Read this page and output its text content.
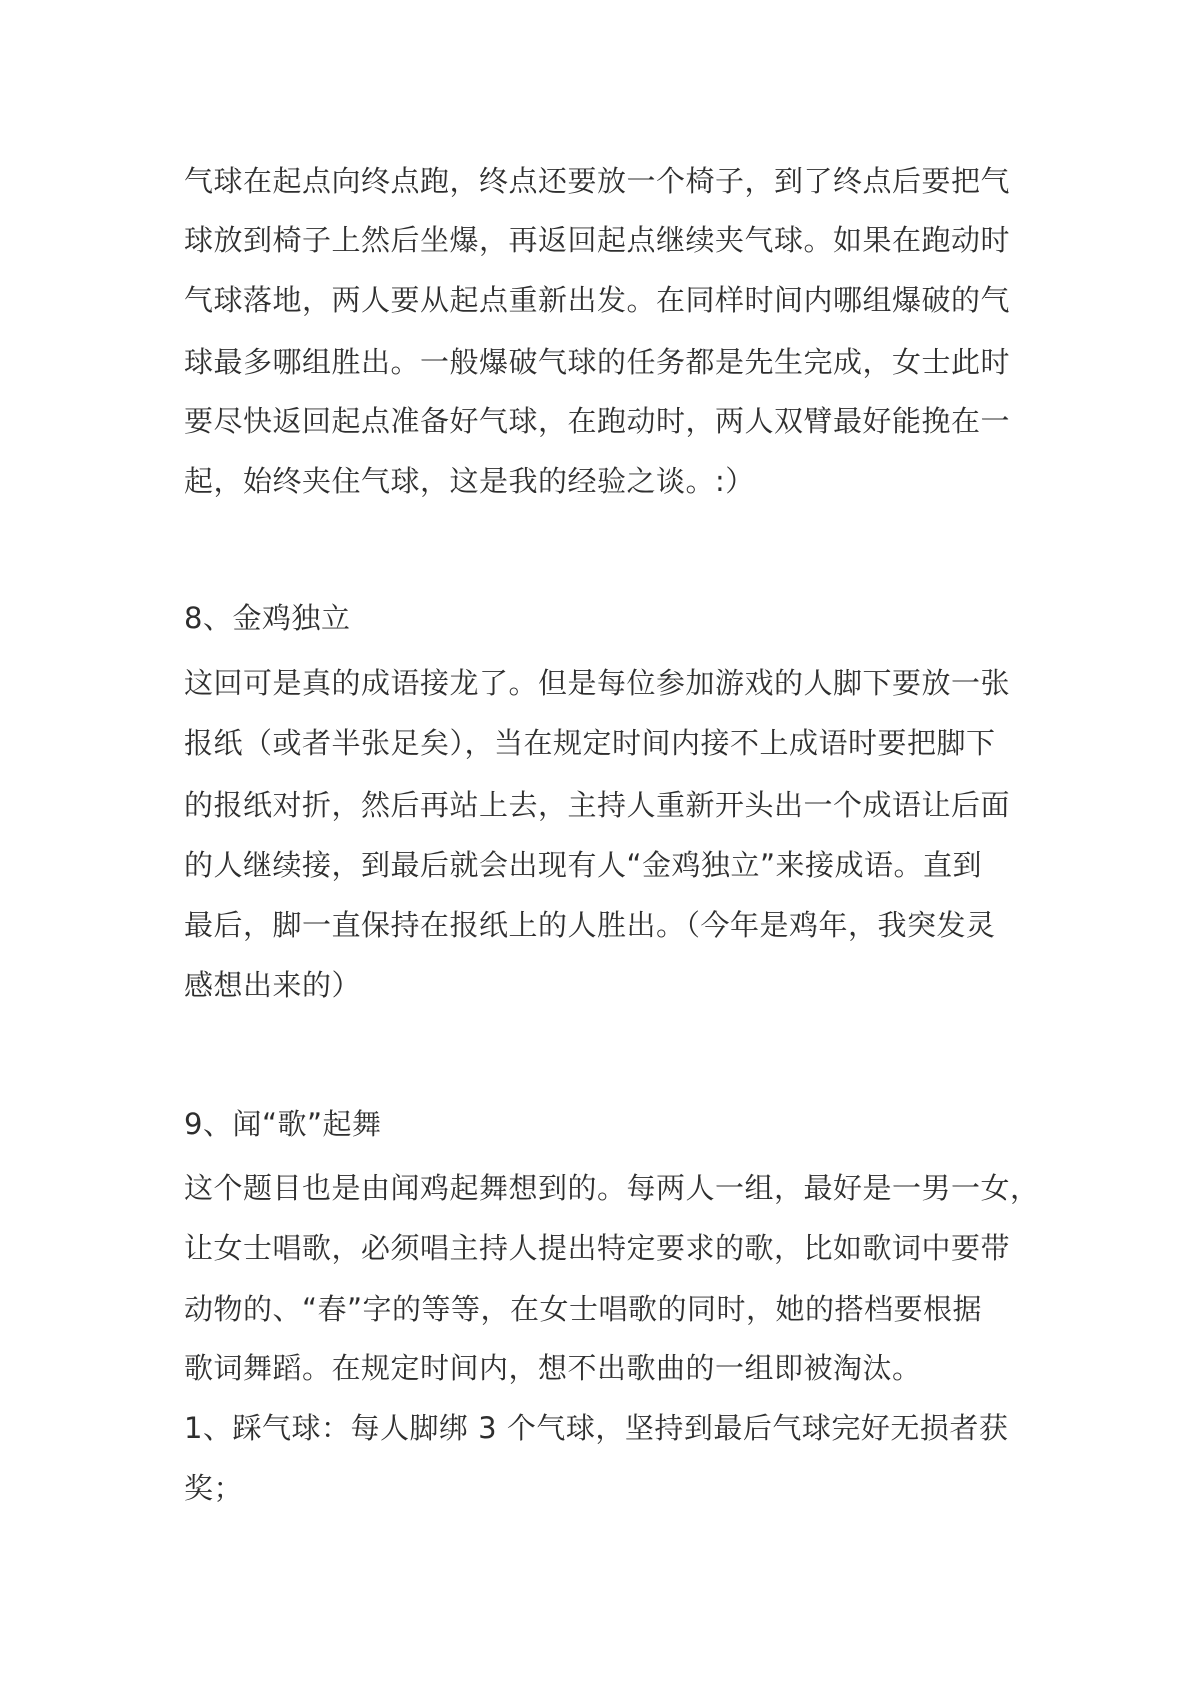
气球在起点向终点跑，终点还要放一个椅子，到了终点后要把气
球放到椅子上然后坐爆，再返回起点继续夹气球。如果在跑动时
气球落地，两人要从起点重新出发。在同样时间内哪组爆破的气
球最多哪组胜出。一般爆破气球的任务都是先生完成，女士此时
要尽快返回起点准备好气球，在跑动时，两人双臂最好能挽在一
起，始终夹住气球，这是我的经验之谈。:）
8、金鸡独立
这回可是真的成语接龙了。但是每位参加游戏的人脚下要放一张
报纸（或者半张足矣），当在规定时间内接不上成语时要把脚下
的报纸对折，然后再站上去，主持人重新开头出一个成语让后面
的人继续接，到最后就会出现有人“金鸡独立”来接成语。直到
最后，脚一直保持在报纸上的人胜出。（今年是鸡年，我突发灵
感想出来的）
9、闻“歌”起舞
这个题目也是由闻鸡起舞想到的。每两人一组，最好是一男一女，
让女士唱歌，必须唱主持人提出特定要求的歌，比如歌词中要带
动物的、“春”字的等等，在女士唱歌的同时，她的搭档要根据
歌词舞蹈。在规定时间内，想不出歌曲的一组即被淘汰。
1、踩气球：每人脚绑 3 个气球，坚持到最后气球完好无损者获
奖；
